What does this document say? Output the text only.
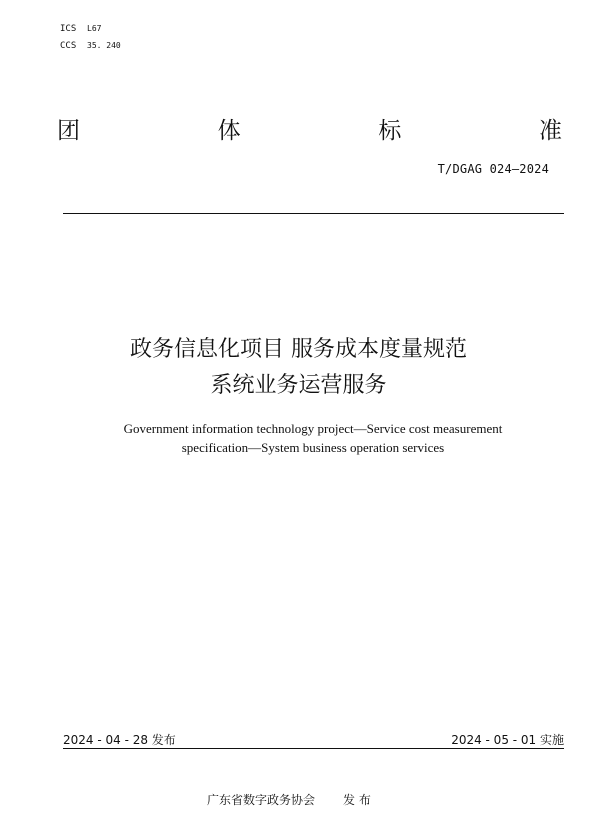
ICS L67
CCS 35. 240
团	体	标	准
T/DGAG 024—2024
政务信息化项目 服务成本度量规范
系统业务运营服务
Government information technology project—Service cost measurement
specification—System business operation services
2024 - 04 - 28 发布	2024 - 05 - 01 实施
广东省数字政务协会 发 布
